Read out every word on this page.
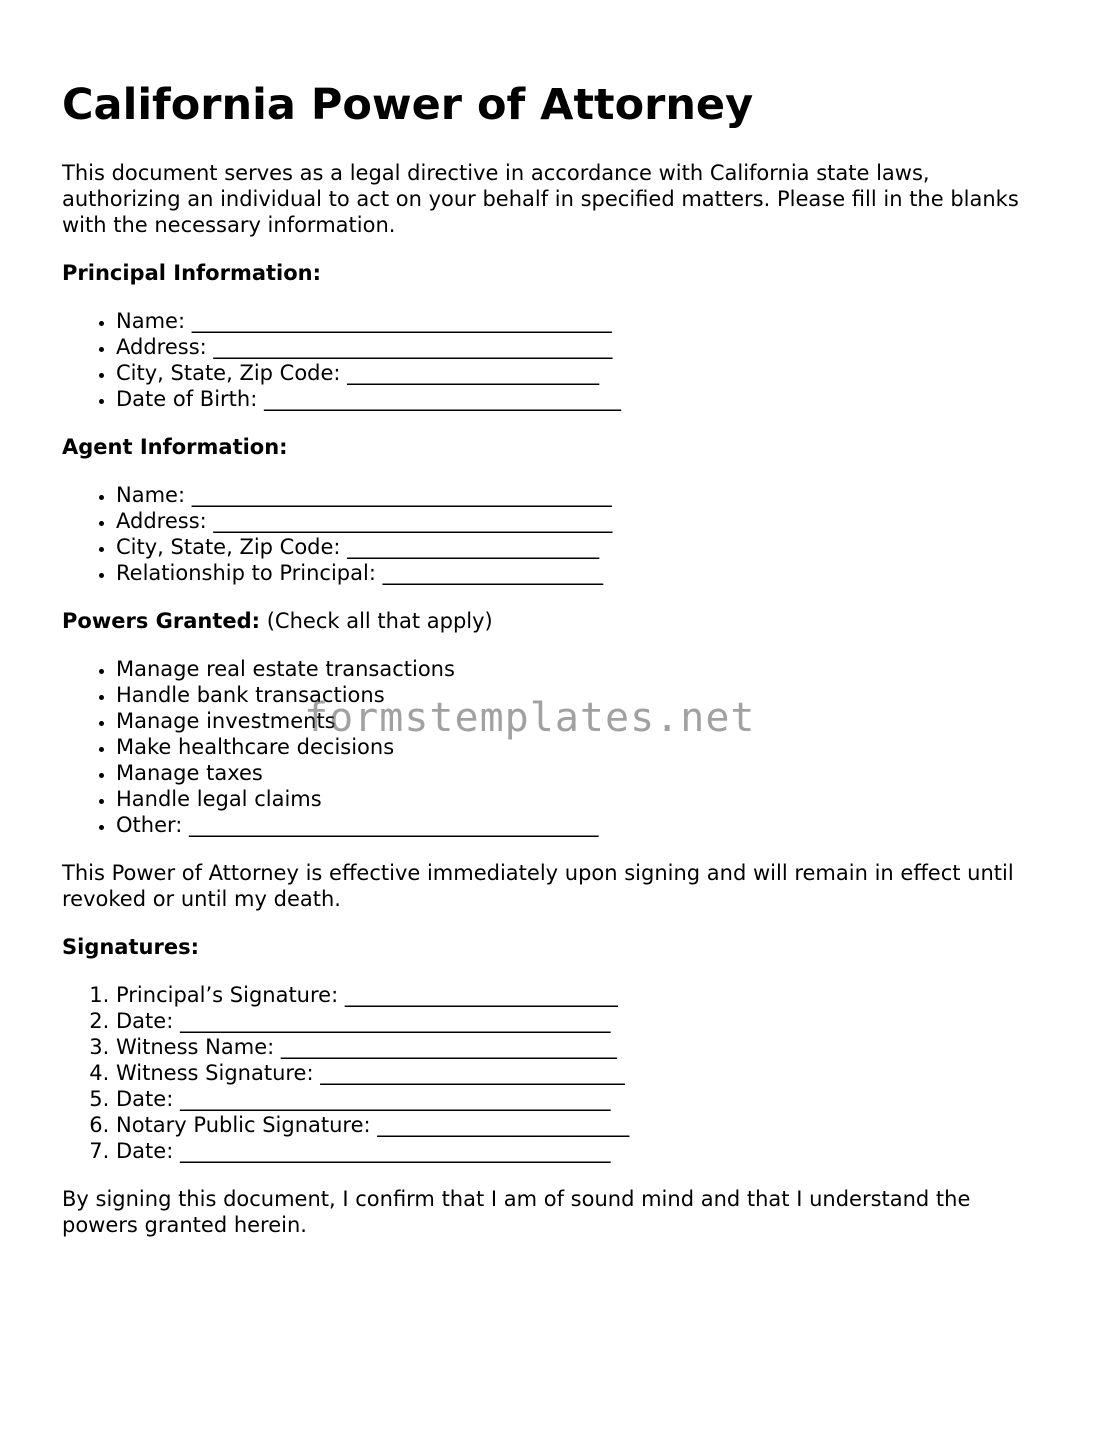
California Power of Attorney

This document serves as a legal directive in accordance with California state laws, authorizing an individual to act on your behalf in specified matters. Please fill in the blanks with the necessary information.

Principal Information:
• Name: ________________________________________
• Address: ______________________________________
• City, State, Zip Code: ________________________
• Date of Birth: __________________________________
Agent Information:
• Name: ________________________________________
• Address: ______________________________________
• City, State, Zip Code: ________________________
• Relationship to Principal: _____________________
Powers Granted: (Check all that apply)
• Manage real estate transactions
• Handle bank transactions
• Manage investments
• Make healthcare decisions
• Manage taxes
• Handle legal claims
• Other: _______________________________________

This Power of Attorney is effective immediately upon signing and will remain in effect until revoked or until my death.

Signatures:
1. Principal’s Signature: __________________________
2. Date: _________________________________________
3. Witness Name: ________________________________
4. Witness Signature: _____________________________
5. Date: _________________________________________
6. Notary Public Signature: ________________________
7. Date: _________________________________________

By signing this document, I confirm that I am of sound mind and that I understand the powers granted herein.

formstemplates.net
